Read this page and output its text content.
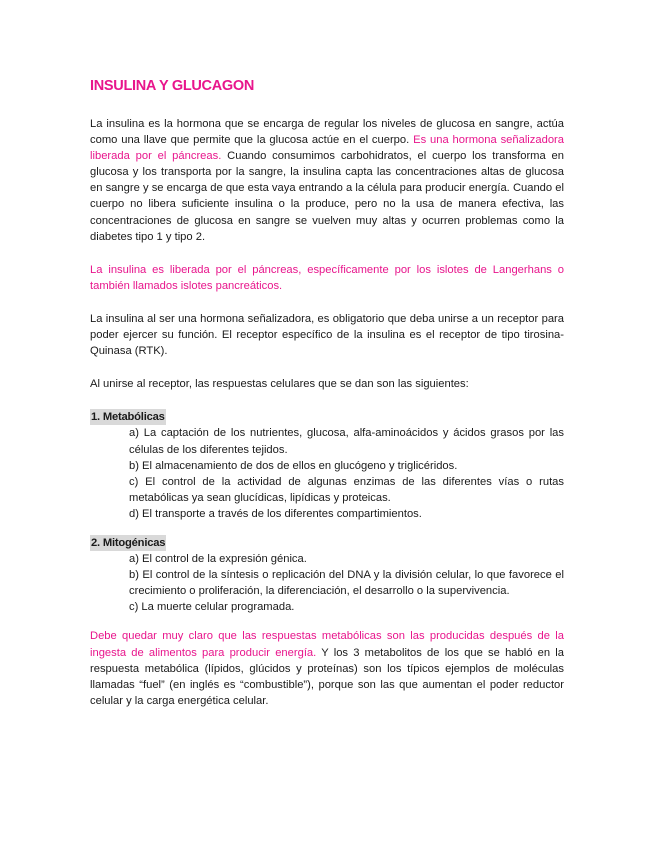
INSULINA Y GLUCAGON

La insulina es la hormona que se encarga de regular los niveles de glucosa en sangre, actúa como una llave que permite que la glucosa actúe en el cuerpo. Es una hormona señalizadora liberada por el páncreas. Cuando consumimos carbohidratos, el cuerpo los transforma en glucosa y los transporta por la sangre, la insulina capta las concentraciones altas de glucosa en sangre y se encarga de que esta vaya entrando a la célula para producir energía. Cuando el cuerpo no libera suficiente insulina o la produce, pero no la usa de manera efectiva, las concentraciones de glucosa en sangre se vuelven muy altas y ocurren problemas como la diabetes tipo 1 y tipo 2.

La insulina es liberada por el páncreas, específicamente por los islotes de Langerhans o también llamados islotes pancreáticos.

La insulina al ser una hormona señalizadora, es obligatorio que deba unirse a un receptor para poder ejercer su función. El receptor específico de la insulina es el receptor de tipo tirosina-Quinasa (RTK).

Al unirse al receptor, las respuestas celulares que se dan son las siguientes:

1. Metabólicas

a) La captación de los nutrientes, glucosa, alfa-aminoácidos y ácidos grasos por las células de los diferentes tejidos.

b) El almacenamiento de dos de ellos en glucógeno y triglicéridos.

c) El control de la actividad de algunas enzimas de las diferentes vías o rutas metabólicas ya sean glucídicas, lipídicas y proteicas.

d) El transporte a través de los diferentes compartimientos.

2. Mitogénicas

a) El control de la expresión génica.

b) El control de la síntesis o replicación del DNA y la división celular, lo que favorece el crecimiento o proliferación, la diferenciación, el desarrollo o la supervivencia.

c) La muerte celular programada.

Debe quedar muy claro que las respuestas metabólicas son las producidas después de la ingesta de alimentos para producir energía. Y los 3 metabolitos de los que se habló en la respuesta metabólica (lípidos, glúcidos y proteínas) son los típicos ejemplos de moléculas llamadas “fuel” (en inglés es “combustible”), porque son las que aumentan el poder reductor celular y la carga energética celular.
